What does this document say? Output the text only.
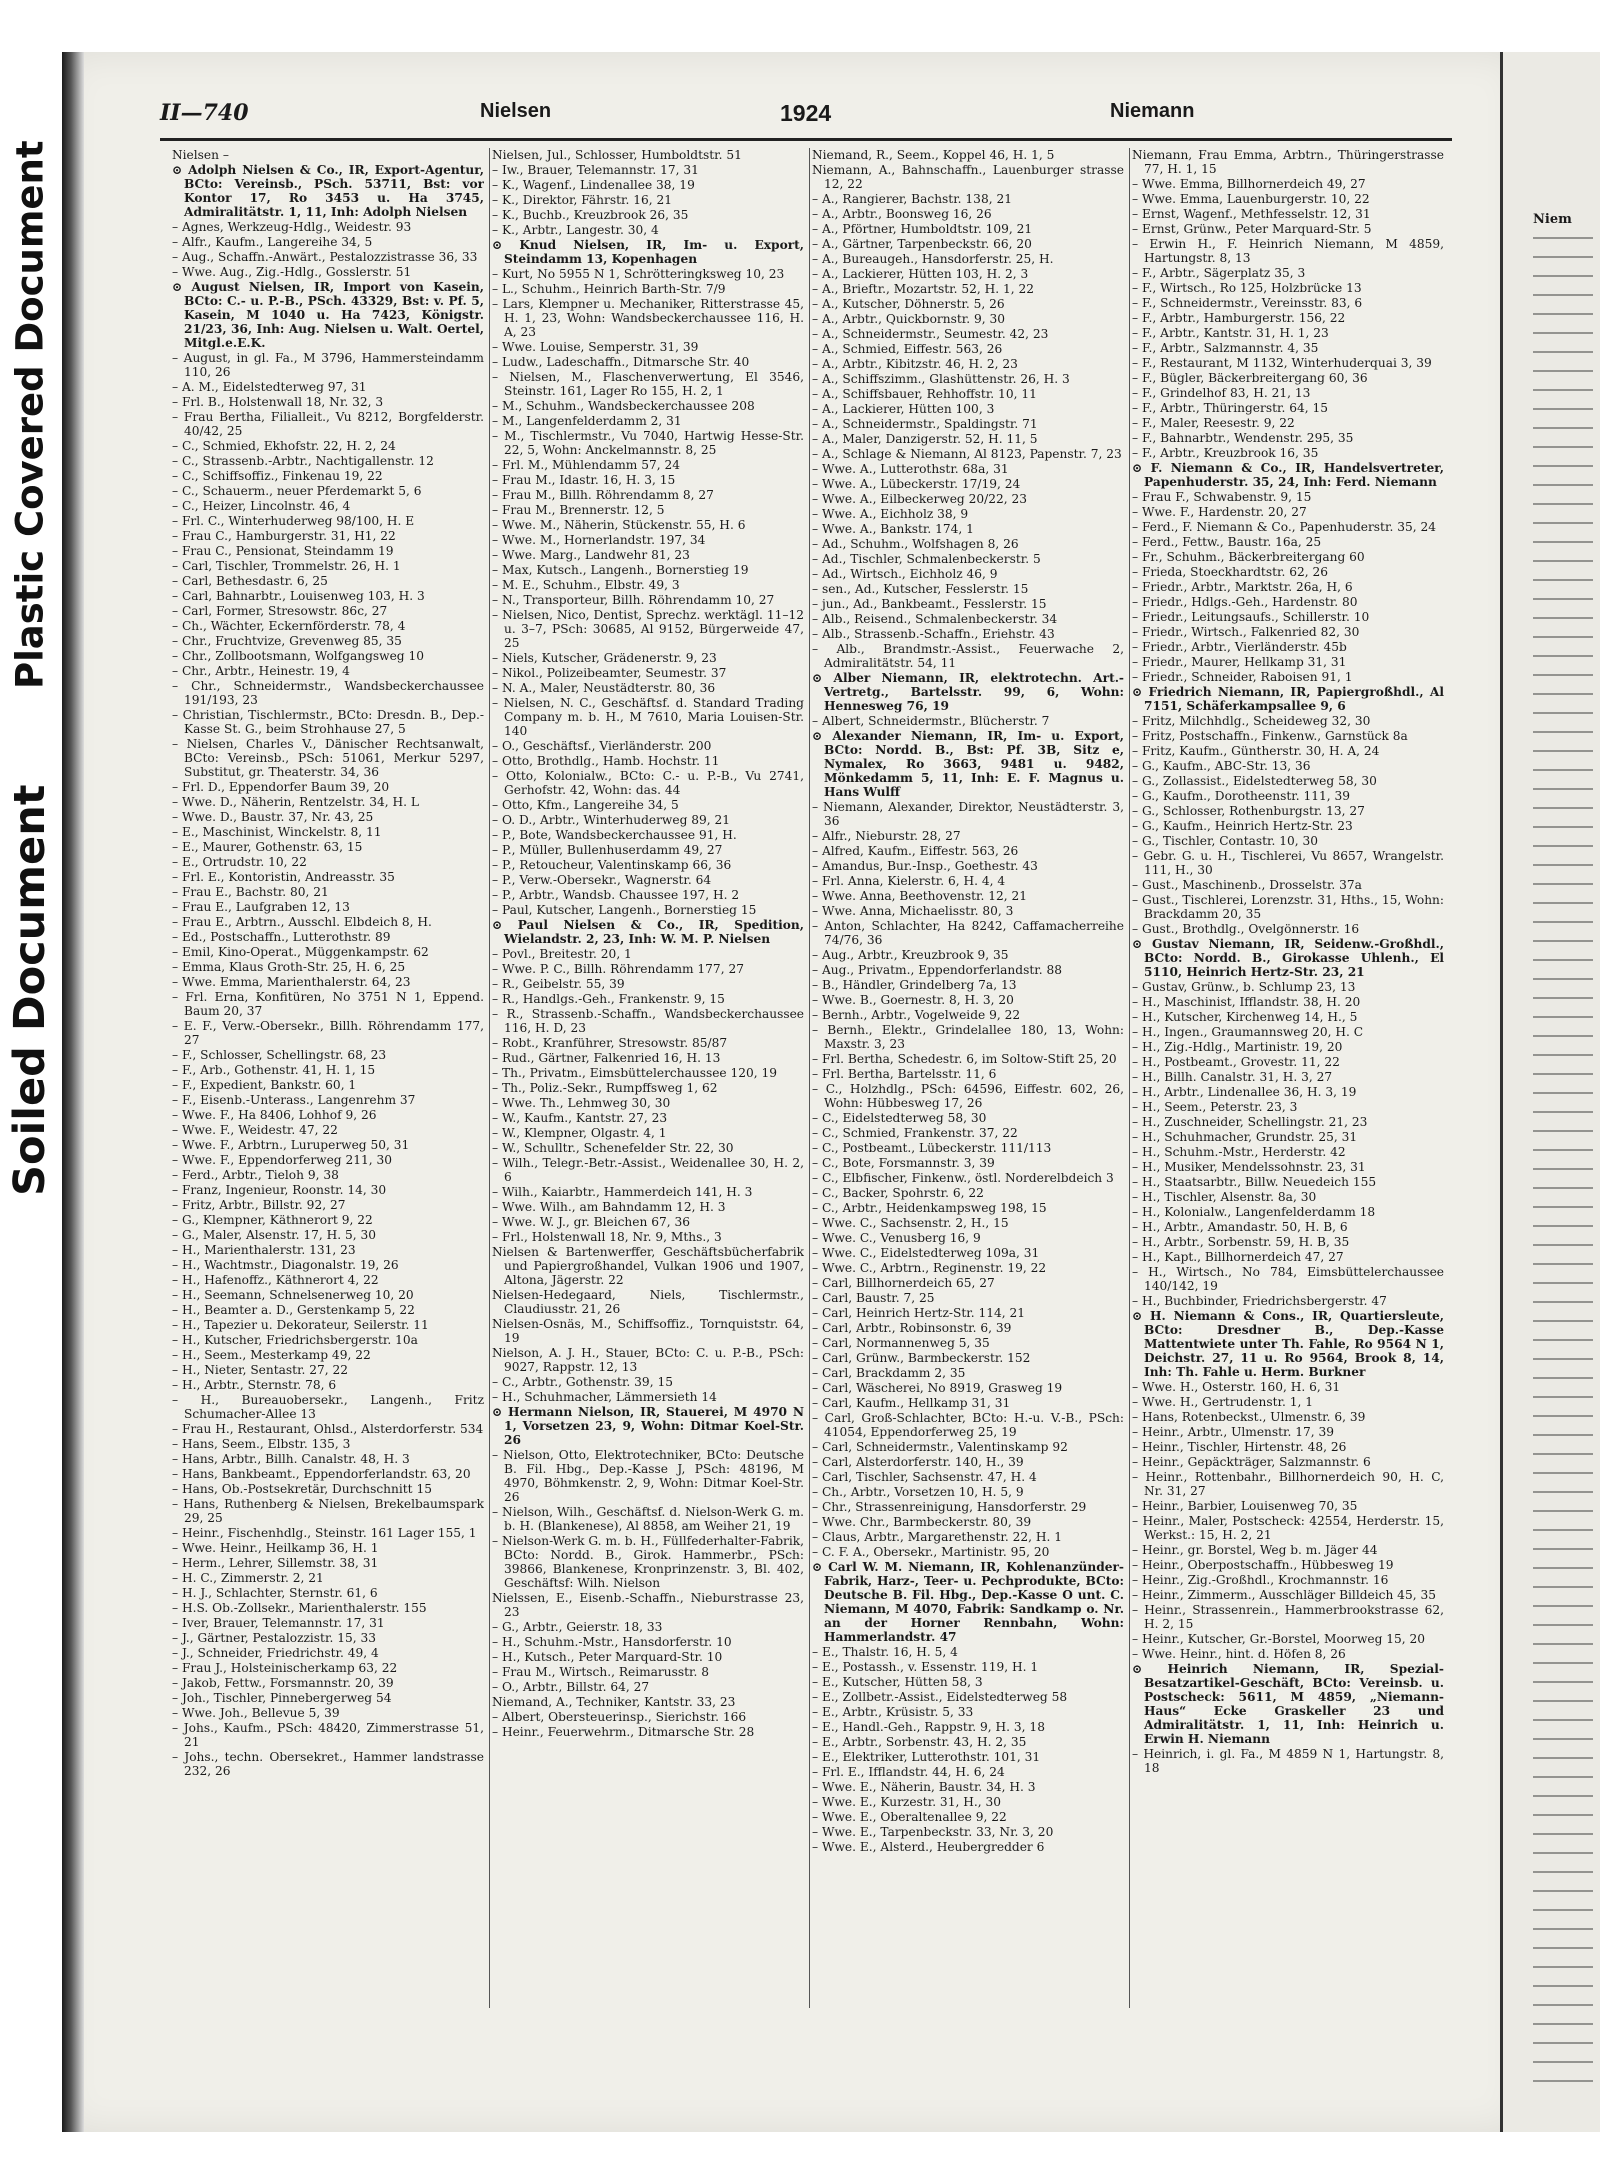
Plastic Covered Document
Soiled Document
Niem
II—740	Nielsen	1924	Niemann
Nielsen –
⊙ Adolph Nielsen & Co., IR, Export-Agentur, BCto: Vereinsb., PSch. 53711, Bst: vor Kontor 17, Ro 3453 u. Ha 3745, Admiralitätstr. 1, 11, Inh: Adolph Nielsen
– Agnes, Werkzeug-Hdlg., Weidestr. 93
– Alfr., Kaufm., Langereihe 34, 5
– Aug., Schaffn.-Anwärt., Pestalozzistrasse 36, 33
– Wwe. Aug., Zig.-Hdlg., Gosslerstr. 51
⊙ August Nielsen, IR, Import von Kasein, BCto: C.- u. P.-B., PSch. 43329, Bst: v. Pf. 5, Kasein, M 1040 u. Ha 7423, Königstr. 21/23, 36, Inh: Aug. Nielsen u. Walt. Oertel, Mitgl.e.E.K.
– August, in gl. Fa., M 3796, Hammersteindamm 110, 26
– A. M., Eidelstedterweg 97, 31
– Frl. B., Holstenwall 18, Nr. 32, 3
– Frau Bertha, Filialleit., Vu 8212, Borgfelderstr. 40/42, 25
– C., Schmied, Ekhofstr. 22, H. 2, 24
– C., Strassenb.-Arbtr., Nachtigallenstr. 12
– C., Schiffsoffiz., Finkenau 19, 22
– C., Schauerm., neuer Pferdemarkt 5, 6
– C., Heizer, Lincolnstr. 46, 4
– Frl. C., Winterhuderweg 98/100, H. E
– Frau C., Hamburgerstr. 31, H1, 22
– Frau C., Pensionat, Steindamm 19
– Carl, Tischler, Trommelstr. 26, H. 1
– Carl, Bethesdastr. 6, 25
– Carl, Bahnarbtr., Louisenweg 103, H. 3
– Carl, Former, Stresowstr. 86c, 27
– Ch., Wächter, Eckernförderstr. 78, 4
– Chr., Fruchtvize, Grevenweg 85, 35
– Chr., Zollbootsmann, Wolfgangsweg 10
– Chr., Arbtr., Heinestr. 19, 4
– Chr., Schneidermstr., Wandsbeckerchaussee 191/193, 23
– Christian, Tischlermstr., BCto: Dresdn. B., Dep.-Kasse St. G., beim Strohhause 27, 5
– Nielsen, Charles V., Dänischer Rechtsanwalt, BCto: Vereinsb., PSch: 51061, Merkur 5297, Substitut, gr. Theaterstr. 34, 36
– Frl. D., Eppendorfer Baum 39, 20
– Wwe. D., Näherin, Rentzelstr. 34, H. L
– Wwe. D., Baustr. 37, Nr. 43, 25
– E., Maschinist, Winckelstr. 8, 11
– E., Maurer, Gothenstr. 63, 15
– E., Ortrudstr. 10, 22
– Frl. E., Kontoristin, Andreasstr. 35
– Frau E., Bachstr. 80, 21
– Frau E., Laufgraben 12, 13
– Frau E., Arbtrn., Ausschl. Elbdeich 8, H.
– Ed., Postschaffn., Lutterothstr. 89
– Emil, Kino-Operat., Müggenkampstr. 62
– Emma, Klaus Groth-Str. 25, H. 6, 25
– Wwe. Emma, Marienthalerstr. 64, 23
– Frl. Erna, Konfitüren, No 3751 N 1, Eppend. Baum 20, 37
– E. F., Verw.-Obersekr., Billh. Röhrendamm 177, 27
– F., Schlosser, Schellingstr. 68, 23
– F., Arb., Gothenstr. 41, H. 1, 15
– F., Expedient, Bankstr. 60, 1
– F., Eisenb.-Unterass., Langenrehm 37
– Wwe. F., Ha 8406, Lohhof 9, 26
– Wwe. F., Weidestr. 47, 22
– Wwe. F., Arbtrn., Luruperweg 50, 31
– Wwe. F., Eppendorferweg 211, 30
– Ferd., Arbtr., Tieloh 9, 38
– Franz, Ingenieur, Roonstr. 14, 30
– Fritz, Arbtr., Billstr. 92, 27
– G., Klempner, Käthnerort 9, 22
– G., Maler, Alsenstr. 17, H. 5, 30
– H., Marienthalerstr. 131, 23
– H., Wachtmstr., Diagonalstr. 19, 26
– H., Hafenoffz., Käthnerort 4, 22
– H., Seemann, Schnelsenerweg 10, 20
– H., Beamter a. D., Gerstenkamp 5, 22
– H., Tapezier u. Dekorateur, Seilerstr. 11
– H., Kutscher, Friedrichsbergerstr. 10a
– H., Seem., Mesterkamp 49, 22
– H., Nieter, Sentastr. 27, 22
– H., Arbtr., Sternstr. 78, 6
– H., Bureauobersekr., Langenh., Fritz Schumacher-Allee 13
– Frau H., Restaurant, Ohlsd., Alsterdorferstr. 534
– Hans, Seem., Elbstr. 135, 3
– Hans, Arbtr., Billh. Canalstr. 48, H. 3
– Hans, Bankbeamt., Eppendorferlandstr. 63, 20
– Hans, Ob.-Postsekretär, Durchschnitt 15
– Hans, Ruthenberg & Nielsen, Brekelbaumspark 29, 25
– Heinr., Fischenhdlg., Steinstr. 161 Lager 155, 1
– Wwe. Heinr., Heilkamp 36, H. 1
– Herm., Lehrer, Sillemstr. 38, 31
– H. C., Zimmerstr. 2, 21
– H. J., Schlachter, Sternstr. 61, 6
– H.S. Ob.-Zollsekr., Marienthalerstr. 155
– Iver, Brauer, Telemannstr. 17, 31
– J., Gärtner, Pestalozzistr. 15, 33
– J., Schneider, Friedrichstr. 49, 4
– Frau J., Holsteinischerkamp 63, 22
– Jakob, Fettw., Forsmannstr. 20, 39
– Joh., Tischler, Pinnebergerweg 54
– Wwe. Joh., Bellevue 5, 39
– Johs., Kaufm., PSch: 48420, Zimmerstrasse 51, 21
– Johs., techn. Obersekret., Hammer landstrasse 232, 26
Nielsen, Jul., Schlosser, Humboldtstr. 51
– Iw., Brauer, Telemannstr. 17, 31
– K., Wagenf., Lindenallee 38, 19
– K., Direktor, Fährstr. 16, 21
– K., Buchb., Kreuzbrook 26, 35
– K., Arbtr., Langestr. 30, 4
⊙ Knud Nielsen, IR, Im- u. Export, Steindamm 13, Kopenhagen
– Kurt, No 5955 N 1, Schrötteringksweg 10, 23
– L., Schuhm., Heinrich Barth-Str. 7/9
– Lars, Klempner u. Mechaniker, Ritterstrasse 45, H. 1, 23, Wohn: Wandsbeckerchaussee 116, H. A, 23
– Wwe. Louise, Semperstr. 31, 39
– Ludw., Ladeschaffn., Ditmarsche Str. 40
– Nielsen, M., Flaschenverwertung, El 3546, Steinstr. 161, Lager Ro 155, H. 2, 1
– M., Schuhm., Wandsbeckerchaussee 208
– M., Langenfelderdamm 2, 31
– M., Tischlermstr., Vu 7040, Hartwig Hesse-Str. 22, 5, Wohn: Anckelmannstr. 8, 25
– Frl. M., Mühlendamm 57, 24
– Frau M., Idastr. 16, H. 3, 15
– Frau M., Billh. Röhrendamm 8, 27
– Frau M., Brennerstr. 12, 5
– Wwe. M., Näherin, Stückenstr. 55, H. 6
– Wwe. M., Hornerlandstr. 197, 34
– Wwe. Marg., Landwehr 81, 23
– Max, Kutsch., Langenh., Bornerstieg 19
– M. E., Schuhm., Elbstr. 49, 3
– N., Transporteur, Billh. Röhrendamm 10, 27
– Nielsen, Nico, Dentist, Sprechz. werktägl. 11–12 u. 3–7, PSch: 30685, Al 9152, Bürgerweide 47, 25
– Niels, Kutscher, Grädenerstr. 9, 23
– Nikol., Polizeibeamter, Seumestr. 37
– N. A., Maler, Neustädterstr. 80, 36
– Nielsen, N. C., Geschäftsf. d. Standard Trading Company m. b. H., M 7610, Maria Louisen-Str. 140
– O., Geschäftsf., Vierländerstr. 200
– Otto, Brothdlg., Hamb. Hochstr. 11
– Otto, Kolonialw., BCto: C.- u. P.-B., Vu 2741, Gerhofstr. 42, Wohn: das. 44
– Otto, Kfm., Langereihe 34, 5
– O. D., Arbtr., Winterhuderweg 89, 21
– P., Bote, Wandsbeckerchaussee 91, H.
– P., Müller, Bullenhuserdamm 49, 27
– P., Retoucheur, Valentinskamp 66, 36
– P., Verw.-Obersekr., Wagnerstr. 64
– P., Arbtr., Wandsb. Chaussee 197, H. 2
– Paul, Kutscher, Langenh., Bornerstieg 15
⊙ Paul Nielsen & Co., IR, Spedition, Wielandstr. 2, 23, Inh: W. M. P. Nielsen
– Povl., Breitestr. 20, 1
– Wwe. P. C., Billh. Röhrendamm 177, 27
– R., Geibelstr. 55, 39
– R., Handlgs.-Geh., Frankenstr. 9, 15
– R., Strassenb.-Schaffn., Wandsbeckerchaussee 116, H. D, 23
– Robt., Kranführer, Stresowstr. 85/87
– Rud., Gärtner, Falkenried 16, H. 13
– Th., Privatm., Eimsbüttelerchaussee 120, 19
– Th., Poliz.-Sekr., Rumpffsweg 1, 62
– Wwe. Th., Lehmweg 30, 30
– W., Kaufm., Kantstr. 27, 23
– W., Klempner, Olgastr. 4, 1
– W., Schulltr., Schenefelder Str. 22, 30
– Wilh., Telegr.-Betr.-Assist., Weidenallee 30, H. 2, 6
– Wilh., Kaiarbtr., Hammerdeich 141, H. 3
– Wwe. Wilh., am Bahndamm 12, H. 3
– Wwe. W. J., gr. Bleichen 67, 36
– Frl., Holstenwall 18, Nr. 9, Mths., 3
Nielsen & Bartenwerffer, Geschäftsbücherfabrik und Papiergroßhandel, Vulkan 1906 und 1907, Altona, Jägerstr. 22
Nielsen-Hedegaard, Niels, Tischlermstr., Claudiusstr. 21, 26
Nielsen-Osnäs, M., Schiffsoffiz., Tornquiststr. 64, 19
Nielson, A. J. H., Stauer, BCto: C. u. P.-B., PSch: 9027, Rappstr. 12, 13
– C., Arbtr., Gothenstr. 39, 15
– H., Schuhmacher, Lämmersieth 14
⊙ Hermann Nielson, IR, Stauerei, M 4970 N 1, Vorsetzen 23, 9, Wohn: Ditmar Koel-Str. 26
– Nielson, Otto, Elektrotechniker, BCto: Deutsche B. Fil. Hbg., Dep.-Kasse J, PSch: 48196, M 4970, Böhmkenstr. 2, 9, Wohn: Ditmar Koel-Str. 26
– Nielson, Wilh., Geschäftsf. d. Nielson-Werk G. m. b. H. (Blankenese), Al 8858, am Weiher 21, 19
– Nielson-Werk G. m. b. H., Füllfederhalter-Fabrik, BCto: Nordd. B., Girok. Hammerbr., PSch: 39866, Blankenese, Kronprinzenstr. 3, Bl. 402, Geschäftsf: Wilh. Nielson
Nielssen, E., Eisenb.-Schaffn., Nieburstrasse 23, 23
– G., Arbtr., Geierstr. 18, 33
– H., Schuhm.-Mstr., Hansdorferstr. 10
– H., Kutsch., Peter Marquard-Str. 10
– Frau M., Wirtsch., Reimarusstr. 8
– O., Arbtr., Billstr. 64, 27
Niemand, A., Techniker, Kantstr. 33, 23
– Albert, Obersteuerinsp., Sierichstr. 166
– Heinr., Feuerwehrm., Ditmarsche Str. 28
Niemand, R., Seem., Koppel 46, H. 1, 5
Niemann, A., Bahnschaffn., Lauenburger strasse 12, 22
– A., Rangierer, Bachstr. 138, 21
– A., Arbtr., Boonsweg 16, 26
– A., Pförtner, Humboldtstr. 109, 21
– A., Gärtner, Tarpenbeckstr. 66, 20
– A., Bureaugeh., Hansdorferstr. 25, H.
– A., Lackierer, Hütten 103, H. 2, 3
– A., Brieftr., Mozartstr. 52, H. 1, 22
– A., Kutscher, Döhnerstr. 5, 26
– A., Arbtr., Quickbornstr. 9, 30
– A., Schneidermstr., Seumestr. 42, 23
– A., Schmied, Eiffestr. 563, 26
– A., Arbtr., Kibitzstr. 46, H. 2, 23
– A., Schiffszimm., Glashüttenstr. 26, H. 3
– A., Schiffsbauer, Rehhoffstr. 10, 11
– A., Lackierer, Hütten 100, 3
– A., Schneidermstr., Spaldingstr. 71
– A., Maler, Danzigerstr. 52, H. 11, 5
– A., Schlage & Niemann, Al 8123, Papenstr. 7, 23
– Wwe. A., Lutterothstr. 68a, 31
– Wwe. A., Lübeckerstr. 17/19, 24
– Wwe. A., Eilbeckerweg 20/22, 23
– Wwe. A., Eichholz 38, 9
– Wwe. A., Bankstr. 174, 1
– Ad., Schuhm., Wolfshagen 8, 26
– Ad., Tischler, Schmalenbeckerstr. 5
– Ad., Wirtsch., Eichholz 46, 9
– sen., Ad., Kutscher, Fesslerstr. 15
– jun., Ad., Bankbeamt., Fesslerstr. 15
– Alb., Reisend., Schmalenbeckerstr. 34
– Alb., Strassenb.-Schaffn., Eriehstr. 43
– Alb., Brandmstr.-Assist., Feuerwache 2, Admiralitätstr. 54, 11
⊙ Alber Niemann, IR, elektrotechn. Art.-Vertretg., Bartelsstr. 99, 6, Wohn: Hennesweg 76, 19
– Albert, Schneidermstr., Blücherstr. 7
⊙ Alexander Niemann, IR, Im- u. Export, BCto: Nordd. B., Bst: Pf. 3B, Sitz e, Nymalex, Ro 3663, 9481 u. 9482, Mönkedamm 5, 11, Inh: E. F. Magnus u. Hans Wulff
– Niemann, Alexander, Direktor, Neustädterstr. 3, 36
– Alfr., Nieburstr. 28, 27
– Alfred, Kaufm., Eiffestr. 563, 26
– Amandus, Bur.-Insp., Goethestr. 43
– Frl. Anna, Kielerstr. 6, H. 4, 4
– Wwe. Anna, Beethovenstr. 12, 21
– Wwe. Anna, Michaelisstr. 80, 3
– Anton, Schlachter, Ha 8242, Caffamacherreihe 74/76, 36
– Aug., Arbtr., Kreuzbrook 9, 35
– Aug., Privatm., Eppendorferlandstr. 88
– B., Händler, Grindelberg 7a, 13
– Wwe. B., Goernestr. 8, H. 3, 20
– Bernh., Arbtr., Vogelweide 9, 22
– Bernh., Elektr., Grindelallee 180, 13, Wohn: Maxstr. 3, 23
– Frl. Bertha, Schedestr. 6, im Soltow-Stift 25, 20
– Frl. Bertha, Bartelsstr. 11, 6
– C., Holzhdlg., PSch: 64596, Eiffestr. 602, 26, Wohn: Hübbesweg 17, 26
– C., Eidelstedterweg 58, 30
– C., Schmied, Frankenstr. 37, 22
– C., Postbeamt., Lübeckerstr. 111/113
– C., Bote, Forsmannstr. 3, 39
– C., Elbfischer, Finkenw., östl. Norderelbdeich 3
– C., Backer, Spohrstr. 6, 22
– C., Arbtr., Heidenkampsweg 198, 15
– Wwe. C., Sachsenstr. 2, H., 15
– Wwe. C., Venusberg 16, 9
– Wwe. C., Eidelstedterweg 109a, 31
– Wwe. C., Arbtrn., Reginenstr. 19, 22
– Carl, Billhornerdeich 65, 27
– Carl, Baustr. 7, 25
– Carl, Heinrich Hertz-Str. 114, 21
– Carl, Arbtr., Robinsonstr. 6, 39
– Carl, Normannenweg 5, 35
– Carl, Grünw., Barmbeckerstr. 152
– Carl, Brackdamm 2, 35
– Carl, Wäscherei, No 8919, Grasweg 19
– Carl, Kaufm., Hellkamp 31, 31
– Carl, Groß-Schlachter, BCto: H.-u. V.-B., PSch: 41054, Eppendorferweg 25, 19
– Carl, Schneidermstr., Valentinskamp 92
– Carl, Alsterdorferstr. 140, H., 39
– Carl, Tischler, Sachsenstr. 47, H. 4
– Ch., Arbtr., Vorsetzen 10, H. 5, 9
– Chr., Strassenreinigung, Hansdorferstr. 29
– Wwe. Chr., Barmbeckerstr. 80, 39
– Claus, Arbtr., Margarethenstr. 22, H. 1
– C. F. A., Obersekr., Martinistr. 95, 20
⊙ Carl W. M. Niemann, IR, Kohlenanzünder-Fabrik, Harz-, Teer- u. Pechprodukte, BCto: Deutsche B. Fil. Hbg., Dep.-Kasse O unt. C. Niemann, M 4070, Fabrik: Sandkamp o. Nr. an der Horner Rennbahn, Wohn: Hammerlandstr. 47
– E., Thalstr. 16, H. 5, 4
– E., Postassh., v. Essenstr. 119, H. 1
– E., Kutscher, Hütten 58, 3
– E., Zollbetr.-Assist., Eidelstedterweg 58
– E., Arbtr., Krüsistr. 5, 33
– E., Handl.-Geh., Rappstr. 9, H. 3, 18
– E., Arbtr., Sorbenstr. 43, H. 2, 35
– E., Elektriker, Lutterothstr. 101, 31
– Frl. E., Ifflandstr. 44, H. 6, 24
– Wwe. E., Näherin, Baustr. 34, H. 3
– Wwe. E., Kurzestr. 31, H., 30
– Wwe. E., Oberaltenallee 9, 22
– Wwe. E., Tarpenbeckstr. 33, Nr. 3, 20
– Wwe. E., Alsterd., Heubergredder 6
Niemann, Frau Emma, Arbtrn., Thüringerstrasse 77, H. 1, 15
– Wwe. Emma, Billhornerdeich 49, 27
– Wwe. Emma, Lauenburgerstr. 10, 22
– Ernst, Wagenf., Methfesselstr. 12, 31
– Ernst, Grünw., Peter Marquard-Str. 5
– Erwin H., F. Heinrich Niemann, M 4859, Hartungstr. 8, 13
– F., Arbtr., Sägerplatz 35, 3
– F., Wirtsch., Ro 125, Holzbrücke 13
– F., Schneidermstr., Vereinsstr. 83, 6
– F., Arbtr., Hamburgerstr. 156, 22
– F., Arbtr., Kantstr. 31, H. 1, 23
– F., Arbtr., Salzmannstr. 4, 35
– F., Restaurant, M 1132, Winterhuderquai 3, 39
– F., Bügler, Bäckerbreitergang 60, 36
– F., Grindelhof 83, H. 21, 13
– F., Arbtr., Thüringerstr. 64, 15
– F., Maler, Reesestr. 9, 22
– F., Bahnarbtr., Wendenstr. 295, 35
– F., Arbtr., Kreuzbrook 16, 35
⊙ F. Niemann & Co., IR, Handelsvertreter, Papenhuderstr. 35, 24, Inh: Ferd. Niemann
– Frau F., Schwabenstr. 9, 15
– Wwe. F., Hardenstr. 20, 27
– Ferd., F. Niemann & Co., Papenhuderstr. 35, 24
– Ferd., Fettw., Baustr. 16a, 25
– Fr., Schuhm., Bäckerbreitergang 60
– Frieda, Stoeckhardtstr. 62, 26
– Friedr., Arbtr., Marktstr. 26a, H, 6
– Friedr., Hdlgs.-Geh., Hardenstr. 80
– Friedr., Leitungsaufs., Schillerstr. 10
– Friedr., Wirtsch., Falkenried 82, 30
– Friedr., Arbtr., Vierländerstr. 45b
– Friedr., Maurer, Hellkamp 31, 31
– Friedr., Schneider, Raboisen 91, 1
⊙ Friedrich Niemann, IR, Papiergroßhdl., Al 7151, Schäferkampsallee 9, 6
– Fritz, Milchhdlg., Scheideweg 32, 30
– Fritz, Postschaffn., Finkenw., Garnstück 8a
– Fritz, Kaufm., Güntherstr. 30, H. A, 24
– G., Kaufm., ABC-Str. 13, 36
– G., Zollassist., Eidelstedterweg 58, 30
– G., Kaufm., Dorotheenstr. 111, 39
– G., Schlosser, Rothenburgstr. 13, 27
– G., Kaufm., Heinrich Hertz-Str. 23
– G., Tischler, Contastr. 10, 30
– Gebr. G. u. H., Tischlerei, Vu 8657, Wrangelstr. 111, H., 30
– Gust., Maschinenb., Drosselstr. 37a
– Gust., Tischlerei, Lorenzstr. 31, Hths., 15, Wohn: Brackdamm 20, 35
– Gust., Brothdlg., Ovelgönnerstr. 16
⊙ Gustav Niemann, IR, Seidenw.-Großhdl., BCto: Nordd. B., Girokasse Uhlenh., El 5110, Heinrich Hertz-Str. 23, 21
– Gustav, Grünw., b. Schlump 23, 13
– H., Maschinist, Ifflandstr. 38, H. 20
– H., Kutscher, Kirchenweg 14, H., 5
– H., Ingen., Graumannsweg 20, H. C
– H., Zig.-Hdlg., Martinistr. 19, 20
– H., Postbeamt., Grovestr. 11, 22
– H., Billh. Canalstr. 31, H. 3, 27
– H., Arbtr., Lindenallee 36, H. 3, 19
– H., Seem., Peterstr. 23, 3
– H., Zuschneider, Schellingstr. 21, 23
– H., Schuhmacher, Grundstr. 25, 31
– H., Schuhm.-Mstr., Herderstr. 42
– H., Musiker, Mendelssohnstr. 23, 31
– H., Staatsarbtr., Billw. Neuedeich 155
– H., Tischler, Alsenstr. 8a, 30
– H., Kolonialw., Langenfelderdamm 18
– H., Arbtr., Amandastr. 50, H. B, 6
– H., Arbtr., Sorbenstr. 59, H. B, 35
– H., Kapt., Billhornerdeich 47, 27
– H., Wirtsch., No 784, Eimsbüttelerchaussee 140/142, 19
– H., Buchbinder, Friedrichsbergerstr. 47
⊙ H. Niemann & Cons., IR, Quartiersleute, BCto: Dresdner B., Dep.-Kasse Mattentwiete unter Th. Fahle, Ro 9564 N 1, Deichstr. 27, 11 u. Ro 9564, Brook 8, 14, Inh: Th. Fahle u. Herm. Burkner
– Wwe. H., Osterstr. 160, H. 6, 31
– Wwe. H., Gertrudenstr. 1, 1
– Hans, Rotenbeckst., Ulmenstr. 6, 39
– Heinr., Arbtr., Ulmenstr. 17, 39
– Heinr., Tischler, Hirtenstr. 48, 26
– Heinr., Gepäckträger, Salzmannstr. 6
– Heinr., Rottenbahr., Billhornerdeich 90, H. C, Nr. 31, 27
– Heinr., Barbier, Louisenweg 70, 35
– Heinr., Maler, Postscheck: 42554, Herderstr. 15, Werkst.: 15, H. 2, 21
– Heinr., gr. Borstel, Weg b. m. Jäger 44
– Heinr., Oberpostschaffn., Hübbesweg 19
– Heinr., Zig.-Großhdl., Krochmannstr. 16
– Heinr., Zimmerm., Ausschläger Billdeich 45, 35
– Heinr., Strassenrein., Hammerbrookstrasse 62, H. 2, 15
– Heinr., Kutscher, Gr.-Borstel, Moorweg 15, 20
– Wwe. Heinr., hint. d. Höfen 8, 26
⊙ Heinrich Niemann, IR, Spezial-Besatzartikel-Geschäft, BCto: Vereinsb. u. Postscheck: 5611, M 4859, „Niemann-Haus“ Ecke Graskeller 23 und Admiralitätstr. 1, 11, Inh: Heinrich u. Erwin H. Niemann
– Heinrich, i. gl. Fa., M 4859 N 1, Hartungstr. 8, 18
